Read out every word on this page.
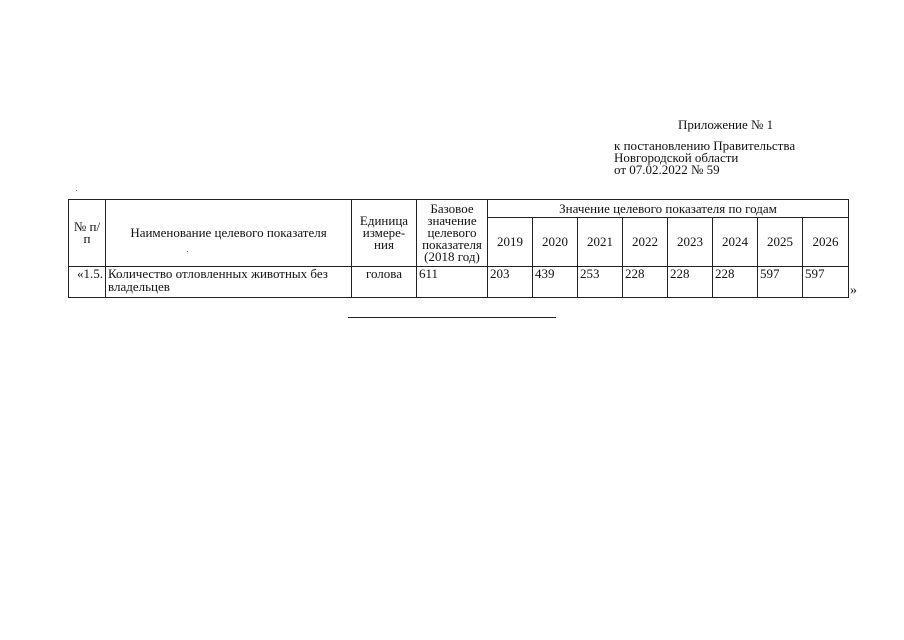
Приложение № 1
к постановлению Правительства
Новгородской области
от 07.02.2022 № 59
№ п/п	Наименование целевого показателя	Единица измере-ния	Базовое значение целевого показателя (2018 год)	Значение целевого показателя по годам							
				2019	2020	2021	2022	2023	2024	2025	2026
«1.5.	Количество отловленных животных без владельцев	голова	611	203	439	253	228	228	228	597	597
»
